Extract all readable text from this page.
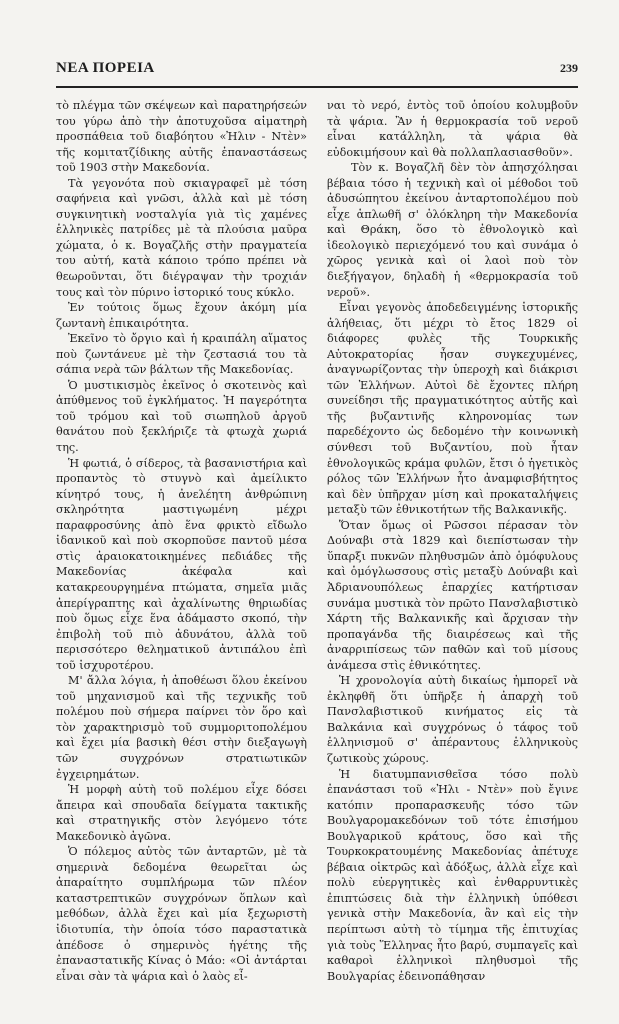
ΝΕΑ ΠΟΡΕΙΑ	239

τὸ πλέγμα τῶν σκέψεων καὶ παρατηρήσεών του γύρω ἀπὸ τὴν ἀποτυχοῦσα αἱματηρὴ προσπάθεια τοῦ διαβόητου «Ἠλιν - Ντὲν» τῆς κομιτατζίδικης αὐτῆς ἐπαναστάσεως τοῦ 1903 στὴν Μακεδονία.

Τὰ γεγονότα ποὺ σκιαγραφεῖ μὲ τόση σαφήνεια καὶ γνῶσι, ἀλλὰ καὶ μὲ τόση συγκινητικὴ νοσταλγία γιὰ τὶς χαμένες ἑλληνικὲς πατρίδες μὲ τὰ πλούσια μαῦρα χώματα, ὁ κ. Βογαζλῆς στὴν πραγματεία του αὐτή, κατὰ κάποιο τρόπο πρέπει νὰ θεωροῦνται, ὅτι διέγραψαν τὴν τροχιάν τους καὶ τὸν πύρινο ἱστορικό τους κύκλο.

Ἐν τούτοις ὅμως ἔχουν ἀκόμη μία ζωντανὴ ἐπικαιρότητα.

Ἐκεῖνο τὸ ὄργιο καὶ ἡ κραιπάλη αἵματος ποὺ ζωντάνευε μὲ τὴν ζεστασιά του τὰ σάπια νερὰ τῶν βάλτων τῆς Μακεδονίας.

Ὁ μυστικισμὸς ἐκεῖνος ὁ σκοτεινὸς καὶ ἀπύθμενος τοῦ ἐγκλήματος. Ἡ παγερότητα τοῦ τρόμου καὶ τοῦ σιωπηλοῦ ἀργοῦ θανάτου ποὺ ξεκλήριζε τὰ φτωχὰ χωριά της.

Ἡ φωτιά, ὁ σίδερος, τὰ βασανιστήρια καὶ προπαντὸς τὸ στυγνὸ καὶ ἀμείλικτο κίνητρό τους, ἡ ἀνελέητη ἀνθρώπινη σκληρότητα μαστιγωμένη μέχρι παραφροσύνης ἀπὸ ἕνα φρικτὸ εἴδωλο ἰδανικοῦ καὶ ποὺ σκορποῦσε παντοῦ μέσα στὶς ἀραιοκατοικημένες πεδιάδες τῆς Μακεδονίας ἀκέφαλα καὶ κατακρεουργημένα πτώματα, σημεῖα μιᾶς ἀπερίγραπτης καὶ ἀχαλίνωτης θηριωδίας ποὺ ὅμως εἶχε ἕνα ἀδάμαστο σκοπό, τὴν ἐπιβολὴ τοῦ πιὸ ἀδυνάτου, ἀλλὰ τοῦ περισσότερο θεληματικοῦ ἀντιπάλου ἐπὶ τοῦ ἰσχυροτέρου.

Μ' ἄλλα λόγια, ἡ ἀποθέωσι ὅλου ἐκείνου τοῦ μηχανισμοῦ καὶ τῆς τεχνικῆς τοῦ πολέμου ποὺ σήμερα παίρνει τὸν ὅρο καὶ τὸν χαρακτηρισμὸ τοῦ συμμοριτοπολέμου καὶ ἔχει μία βασικὴ θέσι στὴν διεξαγωγὴ τῶν συγχρόνων στρατιωτικῶν ἐγχειρημάτων.

Ἡ μορφὴ αὐτὴ τοῦ πολέμου εἶχε δόσει ἄπειρα καὶ σπουδαῖα δείγματα τακτικῆς καὶ στρατηγικῆς στὸν λεγόμενο τότε Μακεδονικὸ ἀγῶνα.

Ὁ πόλεμος αὐτὸς τῶν ἀνταρτῶν, μὲ τὰ σημερινὰ δεδομένα θεωρεῖται ὡς ἀπαραίτητο συμπλήρωμα τῶν πλέον καταστρεπτικῶν συγχρόνων ὅπλων καὶ μεθόδων, ἀλλὰ ἔχει καὶ μία ξεχωριστὴ ἰδιοτυπία, τὴν ὁποία τόσο παραστατικὰ ἀπέδοσε ὁ σημερινὸς ἡγέτης τῆς ἐπαναστατικῆς Κίνας ὁ Μάο: «Οἱ ἀντάρται εἶναι σὰν τὰ ψάρια καὶ ὁ λαὸς εἶ-

ναι τὸ νερό, ἐντὸς τοῦ ὁποίου κολυμβοῦν τὰ ψάρια. Ἂν ἡ θερμοκρασία τοῦ νεροῦ εἶναι κατάλληλη, τὰ ψάρια θὰ εὐδοκιμήσουν καὶ θὰ πολλαπλασιασθοῦν».

Τὸν κ. Βογαζλῆ δὲν τὸν ἀπησχόλησαι βέβαια τόσο ἡ τεχνικὴ καὶ οἱ μέθοδοι τοῦ ἀδυσώπητου ἐκείνου ἀνταρτοπολέμου ποὺ εἶχε ἁπλωθῆ σ' ὁλόκληρη τὴν Μακεδονία καὶ Θράκη, ὅσο τὸ ἐθνολογικὸ καὶ ἰδεολογικὸ περιεχόμενό του καὶ συνάμα ὁ χῶρος γενικὰ καὶ οἱ λαοὶ ποὺ τὸν διεξήγαγον, δηλαδὴ ἡ «θερμοκρασία τοῦ νεροῦ».

Εἶναι γεγονὸς ἀποδεδειγμένης ἱστορικῆς ἀλήθειας, ὅτι μέχρι τὸ ἔτος 1829 οἱ διάφορες φυλὲς τῆς Τουρκικῆς Αὐτοκρατορίας ἦσαν συγκεχυμένες, ἀναγνωρίζοντας τὴν ὑπεροχὴ καὶ διάκρισι τῶν Ἑλλήνων. Αὐτοὶ δὲ ἔχοντες πλήρη συνείδησι τῆς πραγματικότητος αὐτῆς καὶ τῆς βυζαντινῆς κληρονομίας των παρεδέχοντο ὡς δεδομένο τὴν κοινωνικὴ σύνθεσι τοῦ Βυζαντίου, ποὺ ἦταν ἐθνολογικῶς κράμα φυλῶν, ἔτσι ὁ ἡγετικὸς ρόλος τῶν Ἑλλήνων ἦτο ἀναμφισβήτητος καὶ δὲν ὑπῆρχαν μίση καὶ προκαταλήψεις μεταξὺ τῶν ἐθνικοτήτων τῆς Βαλκανικῆς.

Ὅταν ὅμως οἱ Ρῶσσοι πέρασαν τὸν Δούναβι στὰ 1829 καὶ διεπίστωσαν τὴν ὕπαρξι πυκνῶν πληθυσμῶν ἀπὸ ὁμόφυλους καὶ ὁμόγλωσσους στὶς μεταξὺ Δούναβι καὶ Ἀδριανουπόλεως ἐπαρχίες κατήρτισαν συνάμα μυστικὰ τὸν πρῶτο Πανσλαβιστικὸ Χάρτη τῆς Βαλκανικῆς καὶ ἄρχισαν τὴν προπαγάνδα τῆς διαιρέσεως καὶ τῆς ἀναρριπίσεως τῶν παθῶν καὶ τοῦ μίσους ἀνάμεσα στὶς ἐθνικότητες.

Ἡ χρονολογία αὐτὴ δικαίως ἠμπορεῖ νὰ ἐκληφθῆ ὅτι ὑπῆρξε ἡ ἀπαρχὴ τοῦ Πανσλαβιστικοῦ κινήματος εἰς τὰ Βαλκάνια καὶ συγχρόνως ὁ τάφος τοῦ ἑλληνισμοῦ σ' ἀπέραντους ἑλληνικοὺς ζωτικοὺς χώρους.

Ἡ διατυμπανισθεῖσα τόσο πολὺ ἐπανάστασι τοῦ «Ἠλι - Ντὲν» ποὺ ἔγινε κατόπιν προπαρασκευῆς τόσο τῶν Βουλγαρομακεδόνων τοῦ τότε ἐπισήμου Βουλγαρικοῦ κράτους, ὅσο καὶ τῆς Τουρκοκρατουμένης Μακεδονίας ἀπέτυχε βέβαια οἰκτρῶς καὶ ἀδόξως, ἀλλὰ εἶχε καὶ πολὺ εὐεργητικὲς καὶ ἐνθαρρυντικὲς ἐπιπτώσεις διὰ τὴν ἑλληνικὴ ὑπόθεσι γενικὰ στὴν Μακεδονία, ἂν καὶ εἰς τὴν περίπτωσι αὐτὴ τὸ τίμημα τῆς ἐπιτυχίας γιὰ τοὺς Ἕλληνας ἦτο βαρύ, συμπαγεῖς καὶ καθαροὶ ἑλληνικοὶ πληθυσμοὶ τῆς Βουλγαρίας ἐδεινοπάθησαν
